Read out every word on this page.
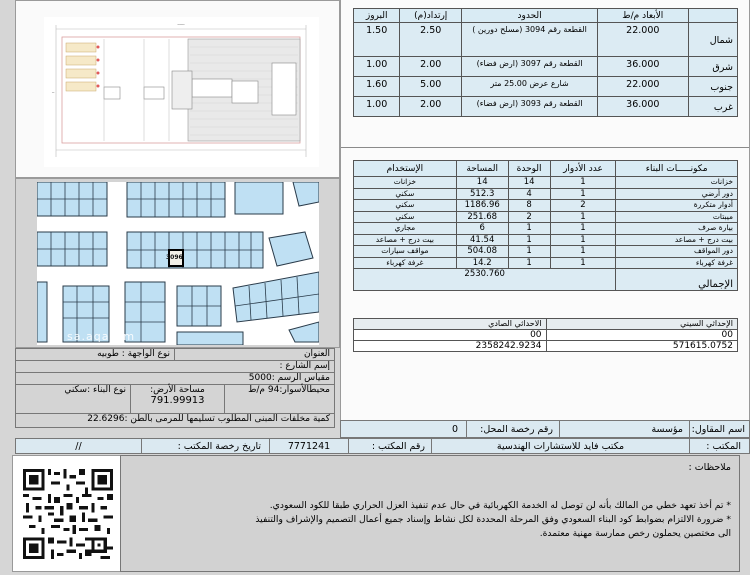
ــــــ
ــ
3096
sa.aqar.fm
	الأبعاد م/ط	الحدود	إرتداد(م)	البروز
شمال	22.000	القطعة رقم 3094 (مسلح دورين )	2.50	1.50
شرق	36.000	القطعة رقم 3097 (ارض فضاء)	2.00	1.00
جنوب	22.000	شارع عرض 25.00 متر	5.00	1.60
غرب	36.000	القطعة رقم 3093 (ارض فضاء)	2.00	1.00
مكونـــــات البناء	عدد الأدوار	الوحدة	المساحة	الإستخدام
خزانات	1	14	14	خزانات
دور أرضي	1	4	512.3	سكني
أدوار متكررة	2	8	1186.96	سكني
ميبتات	1	2	251.68	سكني
بيارة صرف	1	1	6	مجاري
بيت درج + مصاعد	1	1	41.54	بيت درج + مصاعد
دور المواقف	1	1	504.08	مواقف سيارات
غرفة كهرباء	1	1	14.2	غرفة كهرباء
الإجمالي	2530.760			
الإحداثي السيني	الاحداثي الصادي
00	00
571615.0752	2358242.9234
العنوان
نوع الواجهة : طوبيه
إسم الشارع :
مقياس الرسم :5000
محيطالأسوار:94 م/ط
مساحة الأرض:
791.99913
نوع البناء :سكني
كمية مخلفات المبنى المطلوب تسليمها للمرمى بالطن :22.6296
اسم المقاول:
مؤسسة
رقم رخصة المحل:
0
المكتب :
مكتب فايد للاستشارات الهندسية
رقم المكتب :
7771241
تاريخ رخصة المكتب :
//
ملاحظات :
* تم أخذ تعهد خطي من المالك بأنه لن توصل له الخدمة الكهربائية في حال عدم تنفيذ العزل الحراري طبقا للكود السعودي.
* ضرورة الالتزام بضوابط كود البناء السعودي وفق المرحلة المحددة لكل نشاط وإسناد جميع أعمال التصميم والإشراف والتنفيذ
الى مختصين يحملون رخص ممارسة مهنية معتمدة.
